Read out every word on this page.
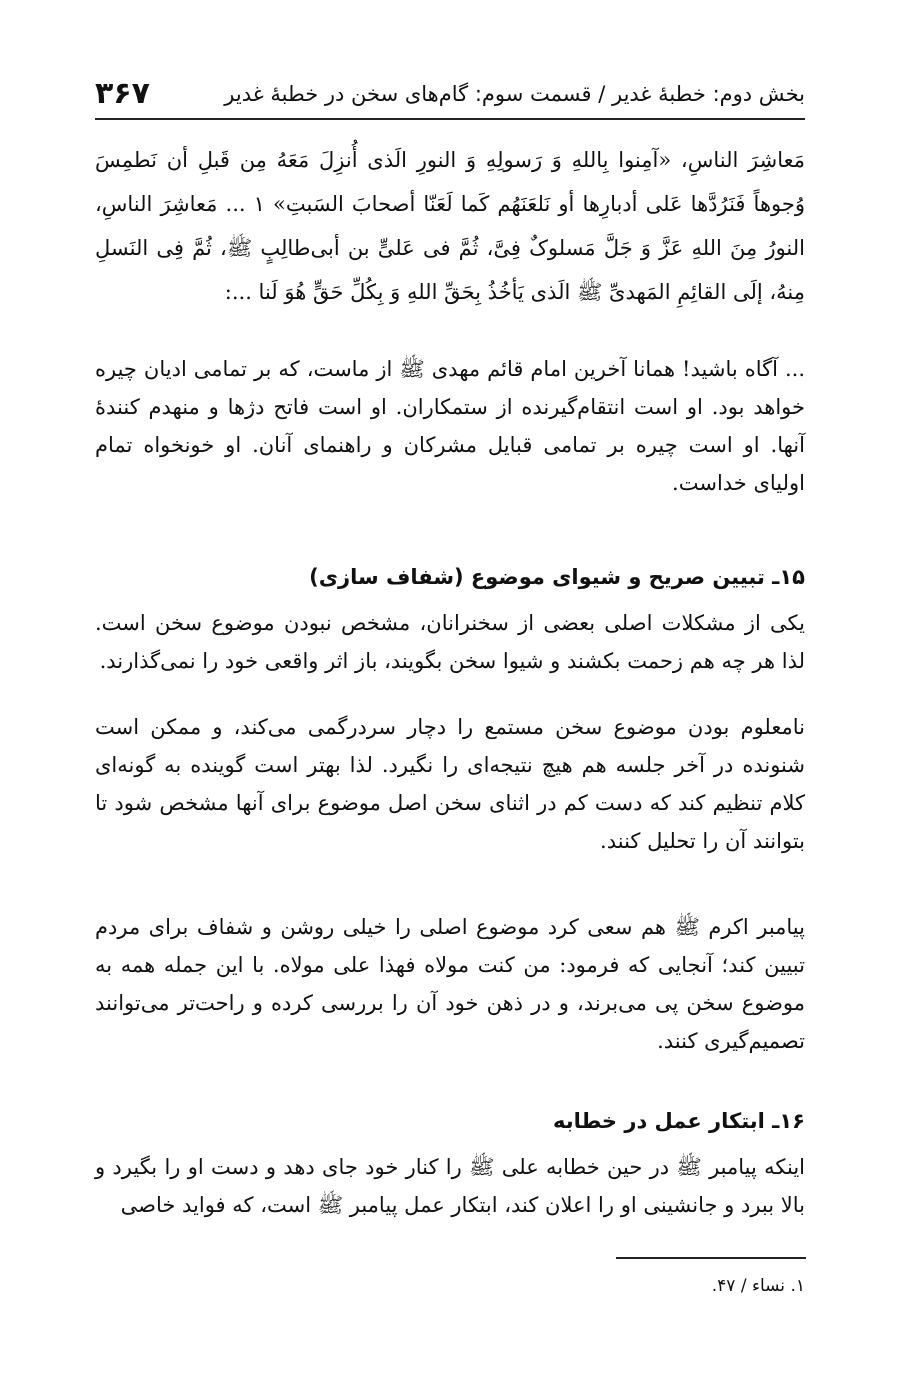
۳۶۷	بخش دوم: خطبهٔ غدیر / قسمت سوم: گام‌های سخن در خطبهٔ غدیر

مَعاشِرَ الناسِ، «آمِنوا بِاللهِ وَ رَسولِهِ وَ النورِ الَذی أُنزِلَ مَعَهُ مِن قَبلِ أن نَطمِسَ وُجوهاً فَنَرُدَّها عَلی أدبارِها أو نَلعَنَهُم کَما لَعَنّا أصحابَ السَبتِ» ۱ ... مَعاشِرَ الناسِ، النورُ مِنَ اللهِ عَزَّ وَ جَلَّ مَسلوکٌ فِیَّ، ثُمَّ فی عَلیٍّ بن أبی‌طالِبٍ ﷺ، ثُمَّ فِی النَسلِ مِنهُ، إلَی القائِمِ المَهدیِّ ﷺ الَذی یَأخُذُ بِحَقِّ اللهِ وَ بِکُلِّ حَقٍّ هُوَ لَنا ...:

... آگاه باشید! همانا آخرین امام قائم مهدی ﷺ از ماست، که بر تمامی ادیان چیره خواهد بود. او است انتقام‌گیرنده از ستمکاران. او است فاتح دژها و منهدم کنندهٔ آنها. او است چیره بر تمامی قبایل مشرکان و راهنمای آنان. او خونخواه تمام اولیای خداست.

۱۵ـ تبیین صریح و شیوای موضوع (شفاف سازی)

یکی از مشکلات اصلی بعضی از سخنرانان، مشخص نبودن موضوع سخن است. لذا هر چه هم زحمت بکشند و شیوا سخن بگویند، باز اثر واقعی خود را نمی‌گذارند.

نامعلوم بودن موضوع سخن مستمع را دچار سردرگمی می‌کند، و ممکن است شنونده در آخر جلسه هم هیچ نتیجه‌ای را نگیرد. لذا بهتر است گوینده به گونه‌ای کلام تنظیم کند که دست کم در اثنای سخن اصل موضوع برای آنها مشخص شود تا بتوانند آن را تحلیل کنند.

پیامبر اکرم ﷺ هم سعی کرد موضوع اصلی را خیلی روشن و شفاف برای مردم تبیین کند؛ آنجایی که فرمود: من کنت مولاه فهذا علی مولاه. با این جمله همه به موضوع سخن پی می‌برند، و در ذهن خود آن را بررسی کرده و راحت‌تر می‌توانند تصمیم‌گیری کنند.

۱۶ـ ابتکار عمل در خطابه

اینکه پیامبر ﷺ در حین خطابه علی ﷺ را کنار خود جای دهد و دست او را بگیرد و بالا ببرد و جانشینی او را اعلان کند، ابتکار عمل پیامبر ﷺ است، که فواید خاصی

۱. نساء / ۴۷.
